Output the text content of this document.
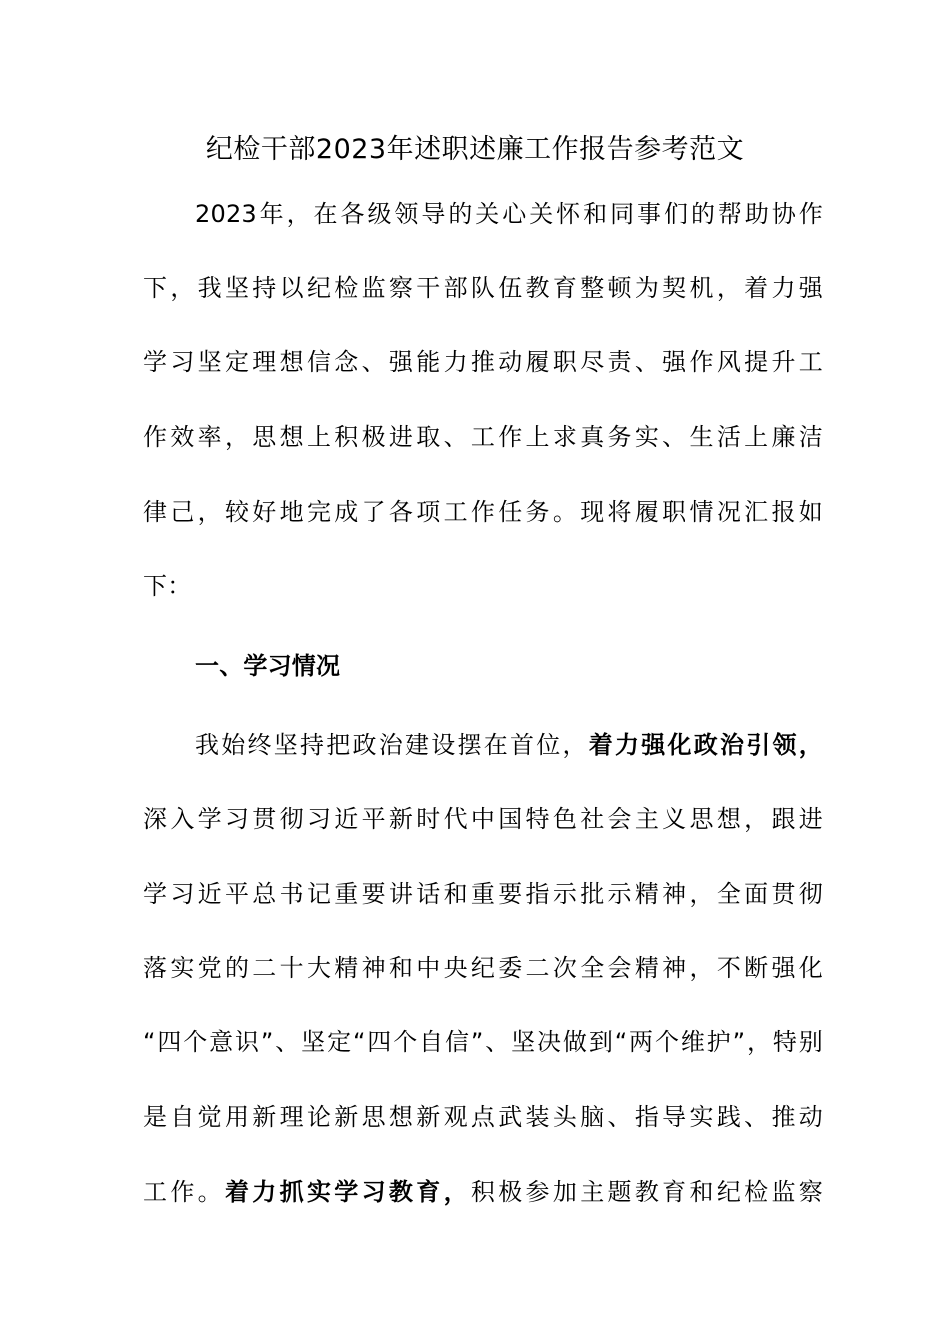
纪检干部2023年述职述廉工作报告参考范文
2023年，在各级领导的关心关怀和同事们的帮助协作
下，我坚持以纪检监察干部队伍教育整顿为契机，着力强
学习坚定理想信念、强能力推动履职尽责、强作风提升工
作效率，思想上积极进取、工作上求真务实、生活上廉洁
律己，较好地完成了各项工作任务。现将履职情况汇报如
下：
一、学习情况
我始终坚持把政治建设摆在首位，着力强化政治引领，
深入学习贯彻习近平新时代中国特色社会主义思想，跟进
学习近平总书记重要讲话和重要指示批示精神，全面贯彻
落实党的二十大精神和中央纪委二次全会精神，不断强化
“四个意识”、坚定“四个自信”、坚决做到“两个维护”，特别
是自觉用新理论新思想新观点武装头脑、指导实践、推动
工作。着力抓实学习教育，积极参加主题教育和纪检监察
